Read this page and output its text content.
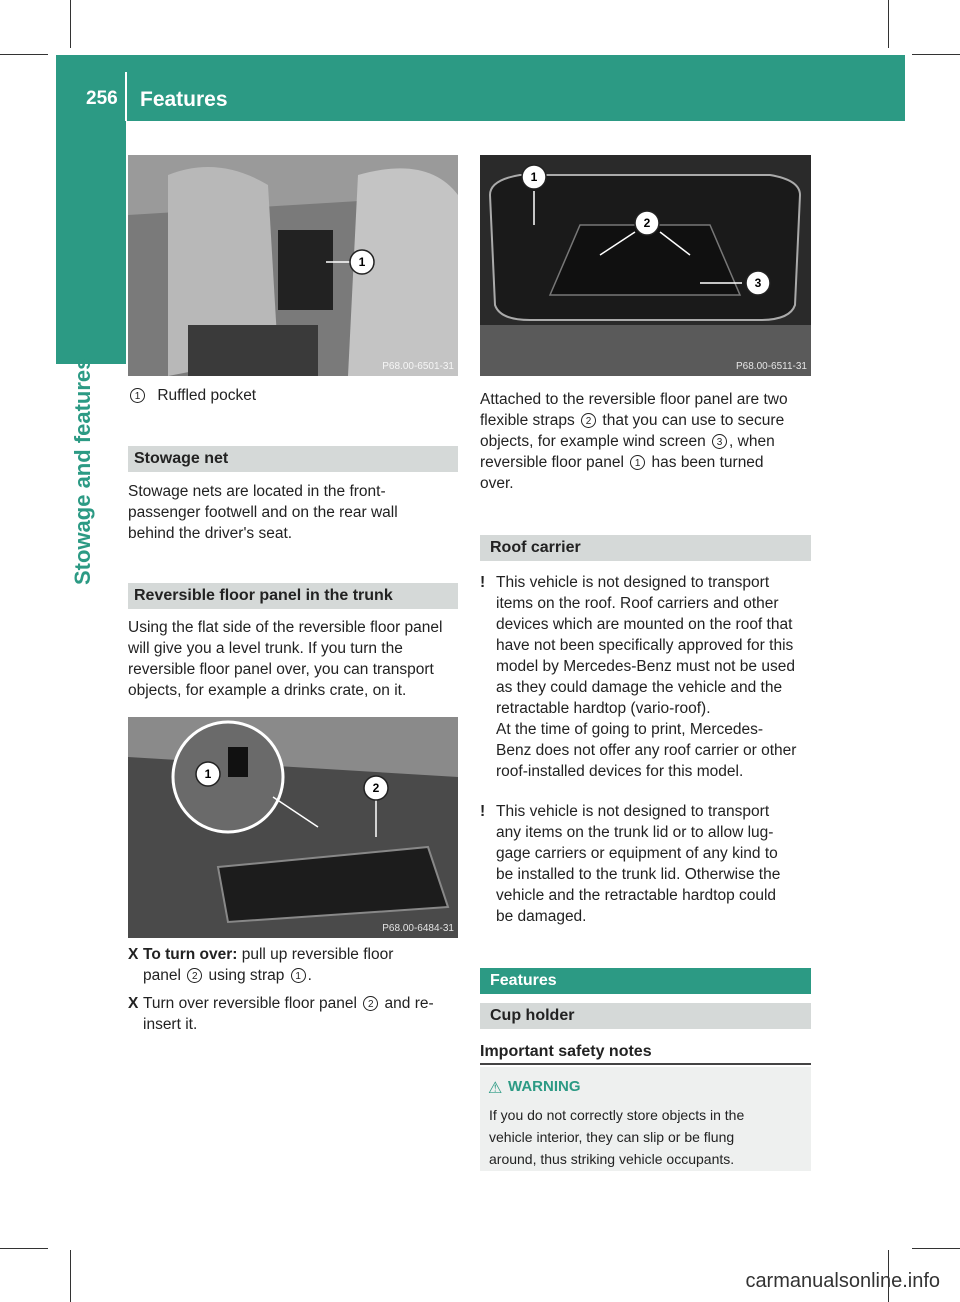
256 Features
Stowage and features
1
P68.00-6501-31
1 Ruffled pocket
Stowage net
Stowage nets are located in the front-
passenger footwell and on the rear wall
behind the driver's seat.
Reversible floor panel in the trunk
Using the flat side of the reversible floor panel
will give you a level trunk. If you turn the
reversible floor panel over, you can transport
objects, for example a drinks crate, on it.
1
2
P68.00-6484-31
X To turn over: pull up reversible floor
panel 2 using strap 1 .
X Turn over reversible floor panel 2 and re-
insert it.
1
2
3
P68.00-6511-31
Attached to the reversible floor panel are two
flexible straps 2 that you can use to secure
objects, for example wind screen 3 , when
reversible floor panel 1 has been turned
over.
Roof carrier
! This vehicle is not designed to transport
items on the roof. Roof carriers and other
devices which are mounted on the roof that
have not been specifically approved for this
model by Mercedes-Benz must not be used
as they could damage the vehicle and the
retractable hardtop (vario-roof).
At the time of going to print, Mercedes-
Benz does not offer any roof carrier or other
roof-installed devices for this model.
! This vehicle is not designed to transport
any items on the trunk lid or to allow lug-
gage carriers or equipment of any kind to
be installed to the trunk lid. Otherwise the
vehicle and the retractable hardtop could
be damaged.
Features
Cup holder
Important safety notes
⚠ WARNING
If you do not correctly store objects in the
vehicle interior, they can slip or be flung
around, thus striking vehicle occupants.
carmanualsonline.info
